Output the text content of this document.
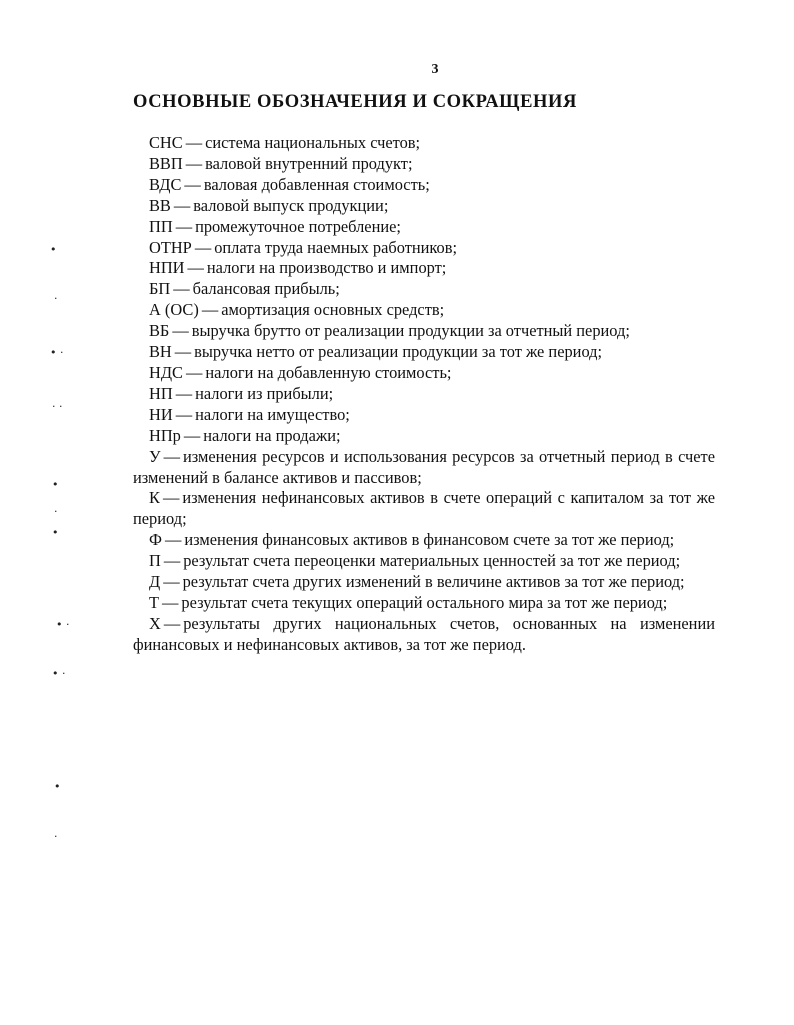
3
ОСНОВНЫЕ ОБОЗНАЧЕНИЯ И СОКРАЩЕНИЯ
СНС — система национальных счетов;
ВВП — валовой внутренний продукт;
ВДС — валовая добавленная стоимость;
ВВ — валовой выпуск продукции;
ПП — промежуточное потребление;
ОТНР — оплата труда наемных работников;
НПИ — налоги на производство и импорт;
БП — балансовая прибыль;
А (ОС) — амортизация основных средств;
ВБ — выручка брутто от реализации продукции за отчетный период;
ВН — выручка нетто от реализации продукции за тот же период;
НДС — налоги на добавленную стоимость;
НП — налоги из прибыли;
НИ — налоги на имущество;
НПр — налоги на продажи;
У — изменения ресурсов и использования ресурсов за отчетный период в счете изменений в балансе активов и пассивов;
К — изменения нефинансовых активов в счете операций с капиталом за тот же период;
Ф — изменения финансовых активов в финансовом счете за тот же период;
П — результат счета переоценки материальных ценностей за тот же период;
Д — результат счета других изменений в величине активов за тот же период;
Т — результат счета текущих операций остального мира за тот же период;
Х — результаты других национальных счетов, основанных на изменении финансовых и нефинансовых активов, за тот же период.
•
·
• ·
· ·
•
·
•
• ·
• ·
•
·
